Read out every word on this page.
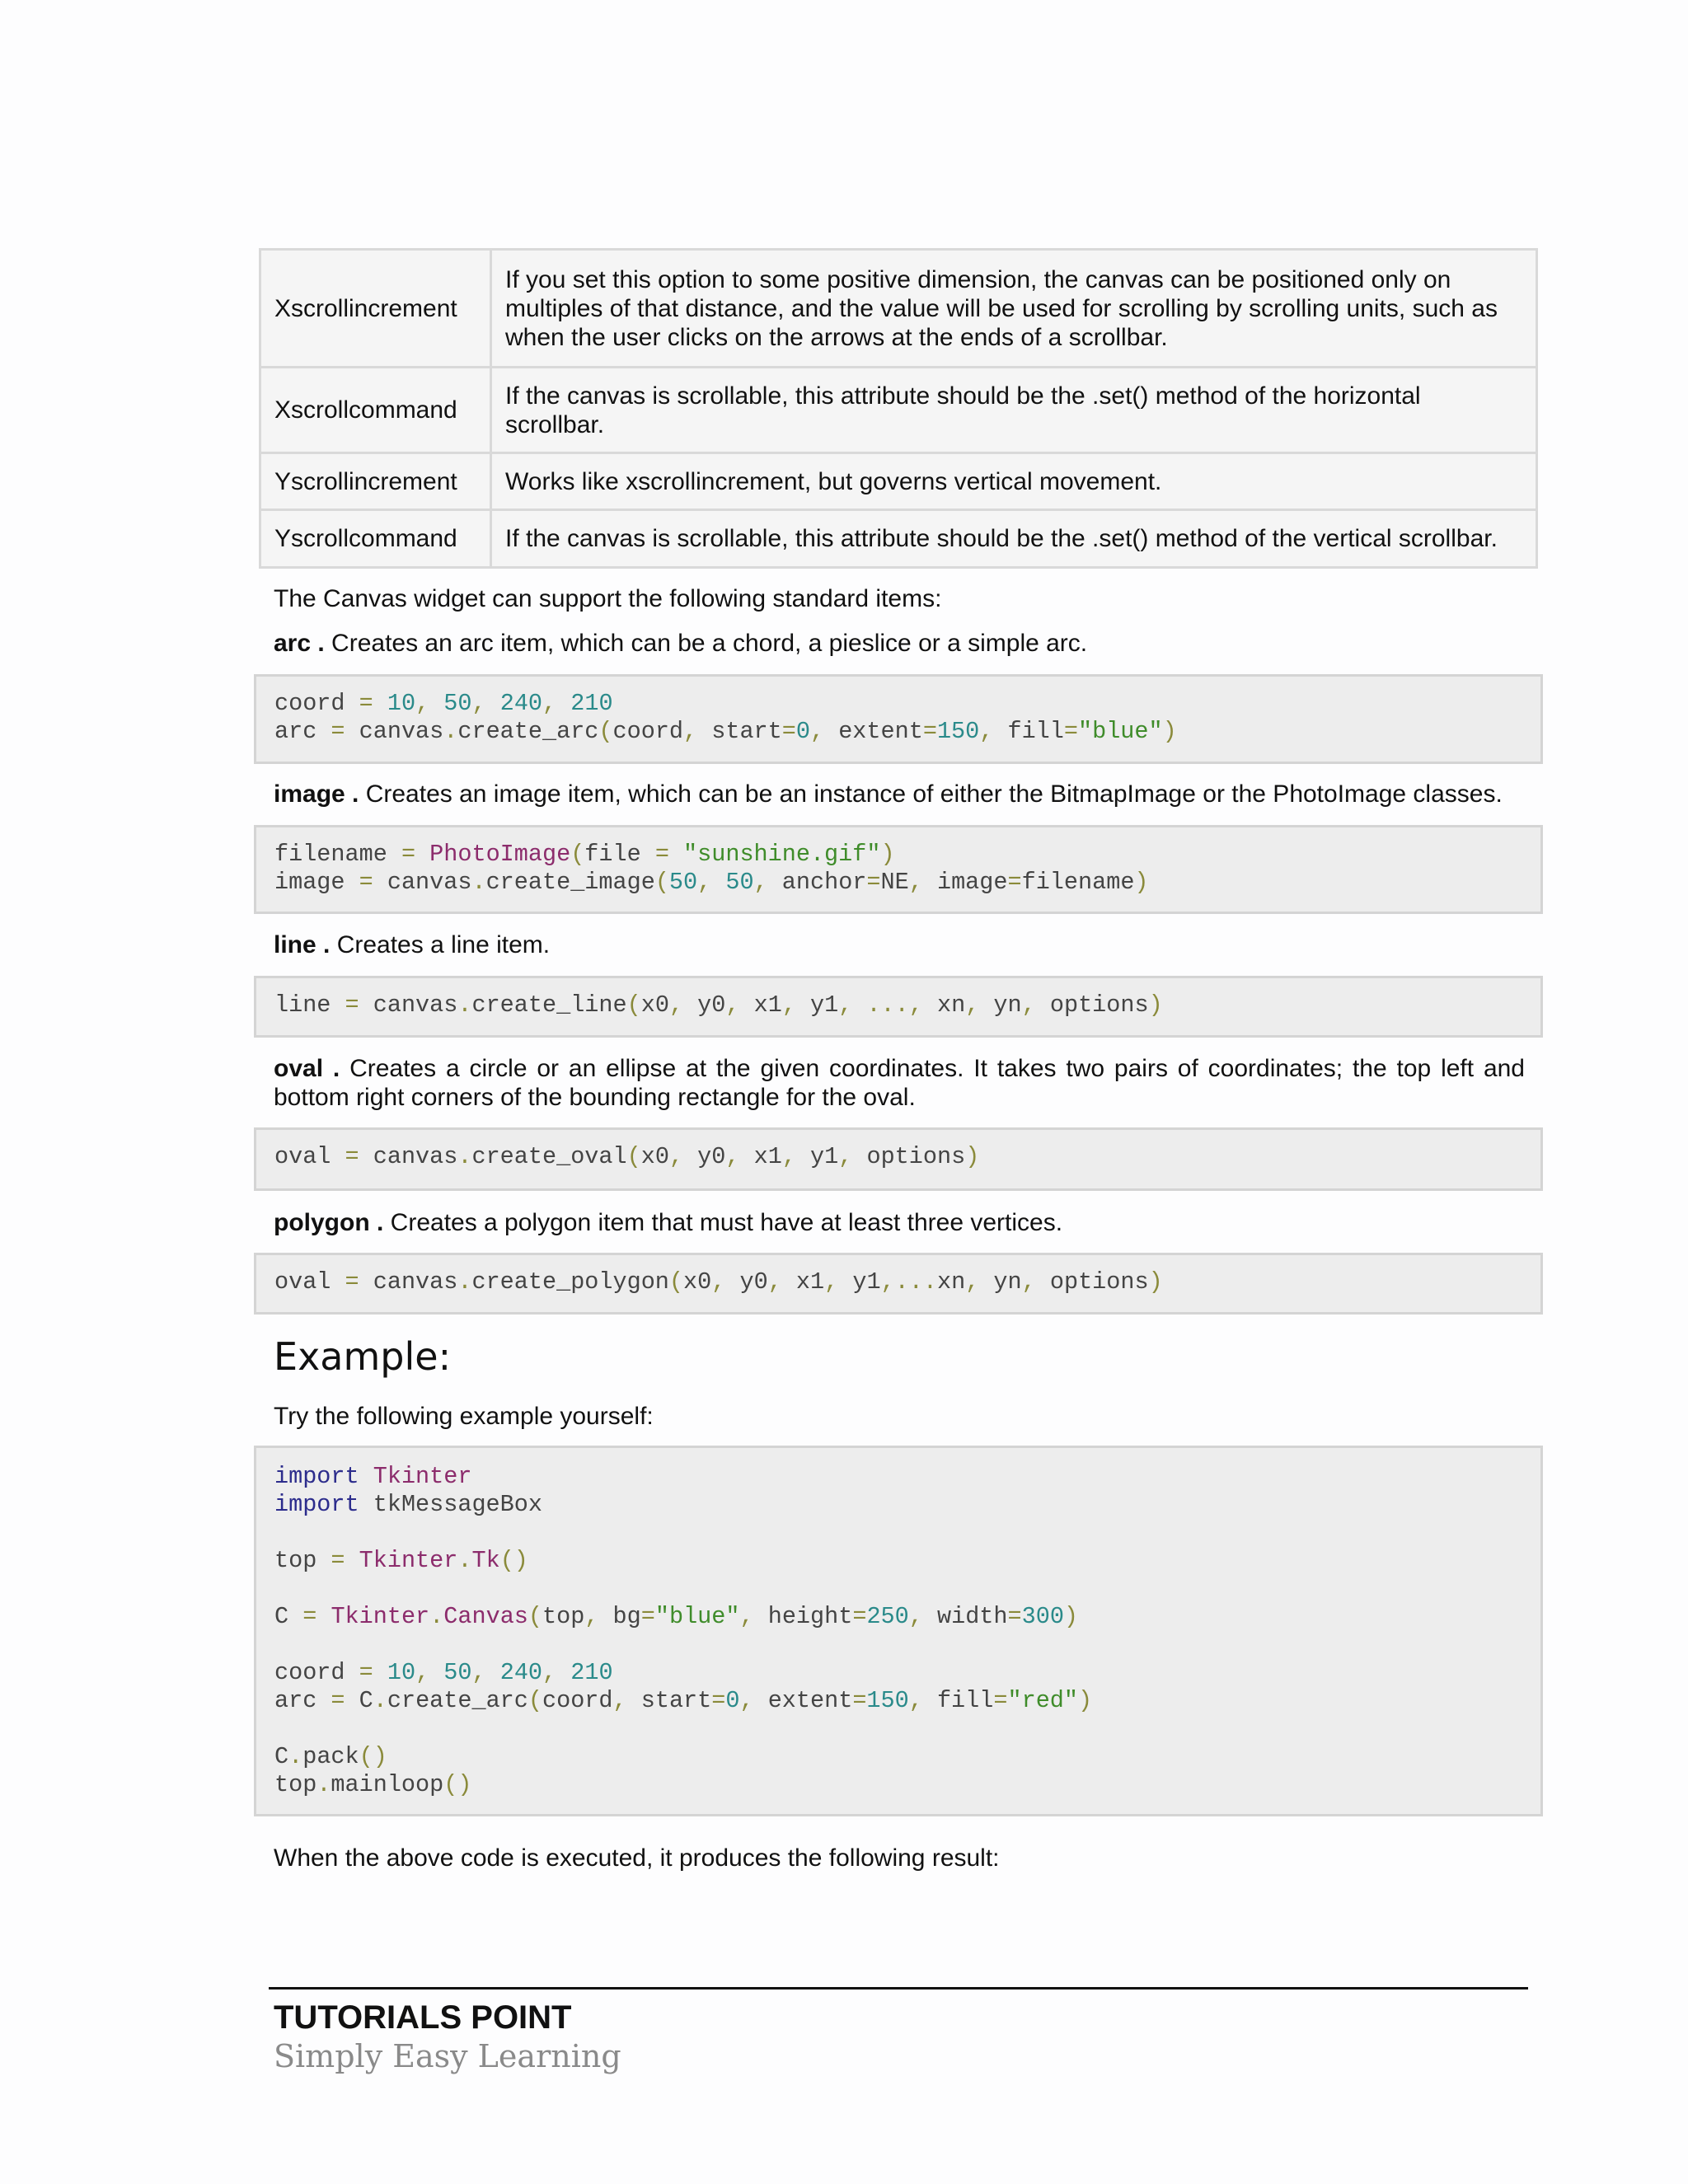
Xscrollincrement	If you set this option to some positive dimension, the canvas can be positioned only on multiples of that distance, and the value will be used for scrolling by scrolling units, such as when the user clicks on the arrows at the ends of a scrollbar.
Xscrollcommand	If the canvas is scrollable, this attribute should be the .set() method of the horizontal scrollbar.
Yscrollincrement	Works like xscrollincrement, but governs vertical movement.
Yscrollcommand	If the canvas is scrollable, this attribute should be the .set() method of the vertical scrollbar.

The Canvas widget can support the following standard items:

arc . Creates an arc item, which can be a chord, a pieslice or a simple arc.

coord = 10, 50, 240, 210
arc = canvas.create_arc(coord, start=0, extent=150, fill="blue")

image . Creates an image item, which can be an instance of either the BitmapImage or the PhotoImage classes.

filename = PhotoImage(file = "sunshine.gif")
image = canvas.create_image(50, 50, anchor=NE, image=filename)

line . Creates a line item.

line = canvas.create_line(x0, y0, x1, y1, ..., xn, yn, options)

oval . Creates a circle or an ellipse at the given coordinates. It takes two pairs of coordinates; the top left and bottom right corners of the bounding rectangle for the oval.

oval = canvas.create_oval(x0, y0, x1, y1, options)

polygon . Creates a polygon item that must have at least three vertices.

oval = canvas.create_polygon(x0, y0, x1, y1,...xn, yn, options)
Example:

Try the following example yourself:

import Tkinter
import tkMessageBox

top = Tkinter.Tk()

C = Tkinter.Canvas(top, bg="blue", height=250, width=300)

coord = 10, 50, 240, 210
arc = C.create_arc(coord, start=0, extent=150, fill="red")

C.pack()
top.mainloop()

When the above code is executed, it produces the following result:

TUTORIALS POINT

Simply Easy Learning
